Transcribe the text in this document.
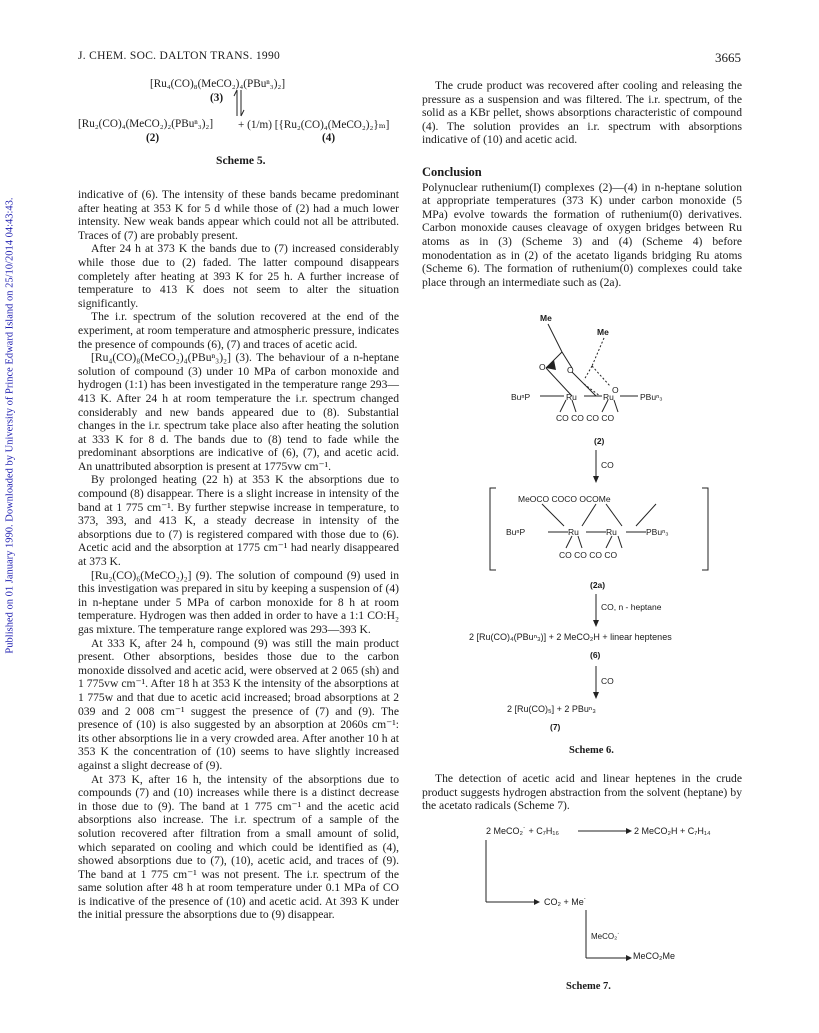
Published on 01 January 1990. Downloaded by University of Prince Edward Island on 25/10/2014 04:43:43.
J. CHEM. SOC. DALTON TRANS. 1990	3665
[Ru₄(CO)₈(MeCO₂)₄(PBuⁿ₃)₂]
(3)
[Ru₂(CO)₄(MeCO₂)₂(PBuⁿ₃)₂] + (1/m) [{Ru₂(CO)₄(MeCO₂)₂}ₘ]
(2)	(4)
Scheme 5.

indicative of (6). The intensity of these bands became predominant after heating at 353 K for 5 d while those of (2) had a much lower intensity. New weak bands appear which could not all be attributed. Traces of (7) are probably present.

After 24 h at 373 K the bands due to (7) increased considerably while those due to (2) faded. The latter compound disappears completely after heating at 393 K for 25 h. A further increase of temperature to 413 K does not seem to alter the situation significantly.

The i.r. spectrum of the solution recovered at the end of the experiment, at room temperature and atmospheric pressure, indicates the presence of compounds (6), (7) and traces of acetic acid.

[Ru₄(CO)₈(MeCO₂)₄(PBuⁿ₃)₂] (3). The behaviour of a n-heptane solution of compound (3) under 10 MPa of carbon monoxide and hydrogen (1:1) has been investigated in the temperature range 293—413 K. After 24 h at room temperature the i.r. spectrum changed considerably and new bands appeared due to (8). Substantial changes in the i.r. spectrum take place also after heating the solution at 333 K for 8 d. The bands due to (8) tend to fade while the predominant absorptions are indicative of (6), (7), and acetic acid. An unattributed absorption is present at 1775vw cm⁻¹.

By prolonged heating (22 h) at 353 K the absorptions due to compound (8) disappear. There is a slight increase in intensity of the band at 1 775 cm⁻¹. By further stepwise increase in temperature, to 373, 393, and 413 K, a steady decrease in intensity of the absorptions due to (7) is registered compared with those due to (6). Acetic acid and the absorption at 1775 cm⁻¹ had nearly disappeared at 373 K.

[Ru₂(CO)₆(MeCO₂)₂] (9). The solution of compound (9) used in this investigation was prepared in situ by keeping a suspension of (4) in n-heptane under 5 MPa of carbon monoxide for 8 h at room temperature. Hydrogen was then added in order to have a 1:1 CO:H₂ gas mixture. The temperature range explored was 293—393 K.

At 333 K, after 24 h, compound (9) was still the main product present. Other absorptions, besides those due to the carbon monoxide dissolved and acetic acid, were observed at 2 065 (sh) and 1 775vw cm⁻¹. After 18 h at 353 K the intensity of the absorptions at 1 775w and that due to acetic acid increased; broad absorptions at 2 039 and 2 008 cm⁻¹ suggest the presence of (7) and (9). The presence of (10) is also suggested by an absorption at 2060s cm⁻¹: its other absorptions lie in a very crowded area. After another 10 h at 353 K the concentration of (10) seems to have slightly increased against a slight decrease of (9).

At 373 K, after 16 h, the intensity of the absorptions due to compounds (7) and (10) increases while there is a distinct decrease in those due to (9). The band at 1 775 cm⁻¹ and the acetic acid absorptions also increase. The i.r. spectrum of a sample of the solution recovered after filtration from a small amount of solid, which separated on cooling and which could be identified as (4), showed absorptions due to (7), (10), acetic acid, and traces of (9). The band at 1 775 cm⁻¹ was not present. The i.r. spectrum of the same solution after 48 h at room temperature under 0.1 MPa of CO is indicative of the presence of (10) and acetic acid. At 393 K under the initial pressure the absorptions due to (9) disappear.

The crude product was recovered after cooling and releasing the pressure as a suspension and was filtered. The i.r. spectrum, of the solid as a KBr pellet, shows absorptions characteristic of compound (4). The solution provides an i.r. spectrum with absorptions indicative of (10) and acetic acid.

Conclusion

Polynuclear ruthenium(I) complexes (2)—(4) in n-heptane solution at appropriate temperatures (373 K) under carbon monoxide (5 MPa) evolve towards the formation of ruthenium(0) derivatives. Carbon monoxide causes cleavage of oxygen bridges between Ru atoms as in (3) (Scheme 3) and (4) (Scheme 4) before monodentation as in (2) of the acetato ligands bridging Ru atoms (Scheme 6). The formation of ruthenium(0) complexes could take place through an intermediate such as (2a).

Me
Me
O	O
O
BuⁿP	Ru	Ru	PBuⁿ₃
CO CO CO CO
(2)
CO
MeOCO COCO OCOMe
BuⁿP	Ru	Ru	PBuⁿ₃
CO CO CO CO
(2a)
CO, n - heptane
2 [Ru(CO)₄(PBuⁿ₃)] + 2 MeCO₂H + linear heptenes
(6)
CO
2 [Ru(CO)₅] + 2 PBuⁿ₃
(7)
Scheme 6.
The detection of acetic acid and linear heptenes in the crude product suggests hydrogen abstraction from the solvent (heptane) by the acetato radicals (Scheme 7).
2 MeCO₂˙ + C₇H₁₆	2 MeCO₂H + C₇H₁₄
CO₂ + Me˙
MeCO₂˙
MeCO₂Me
Scheme 7.
